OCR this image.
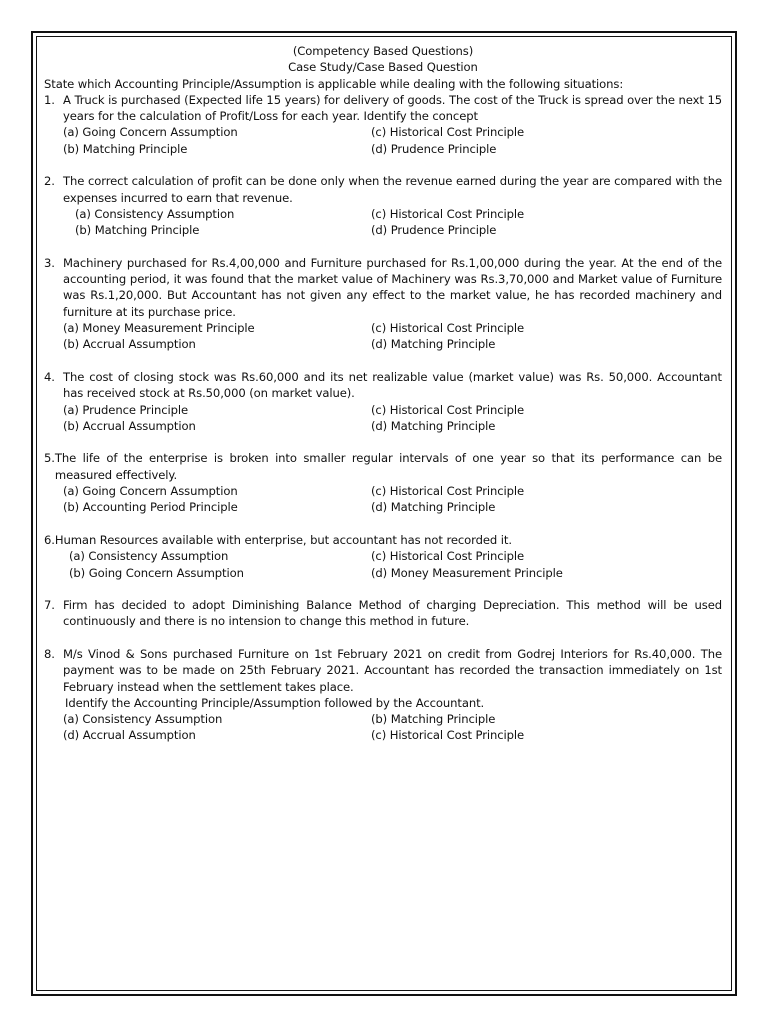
(Competency Based Questions)
Case Study/Case Based Question
State which Accounting Principle/Assumption is applicable while dealing with the following situations:
1. A Truck is purchased (Expected life 15 years) for delivery of goods. The cost of the Truck is spread over the next 15 years for the calculation of Profit/Loss for each year. Identify the concept
(a) Going Concern Assumption	(c) Historical Cost Principle
(b) Matching Principle	(d) Prudence Principle
2. The correct calculation of profit can be done only when the revenue earned during the year are compared with the expenses incurred to earn that revenue.
(a) Consistency Assumption	(c) Historical Cost Principle
(b) Matching Principle	(d) Prudence Principle
3. Machinery purchased for Rs.4,00,000 and Furniture purchased for Rs.1,00,000 during the year. At the end of the accounting period, it was found that the market value of Machinery was Rs.3,70,000 and Market value of Furniture was Rs.1,20,000. But Accountant has not given any effect to the market value, he has recorded machinery and furniture at its purchase price.
(a) Money Measurement Principle	(c) Historical Cost Principle
(b) Accrual Assumption	(d) Matching Principle
4. The cost of closing stock was Rs.60,000 and its net realizable value (market value) was Rs. 50,000. Accountant has received stock at Rs.50,000 (on market value).
(a) Prudence Principle	(c) Historical Cost Principle
(b) Accrual Assumption	(d) Matching Principle
5. The life of the enterprise is broken into smaller regular intervals of one year so that its performance can be measured effectively.
(a) Going Concern Assumption	(c) Historical Cost Principle
(b) Accounting Period Principle	(d) Matching Principle
6. Human Resources available with enterprise, but accountant has not recorded it.
(a) Consistency Assumption	(c) Historical Cost Principle
(b) Going Concern Assumption	(d) Money Measurement Principle
7. Firm has decided to adopt Diminishing Balance Method of charging Depreciation. This method will be used continuously and there is no intension to change this method in future.
8. M/s Vinod & Sons purchased Furniture on 1st February 2021 on credit from Godrej Interiors for Rs.40,000. The payment was to be made on 25th February 2021. Accountant has recorded the transaction immediately on 1st February instead when the settlement takes place.
Identify the Accounting Principle/Assumption followed by the Accountant.
(a) Consistency Assumption	(b) Matching Principle
(d) Accrual Assumption	(c) Historical Cost Principle
